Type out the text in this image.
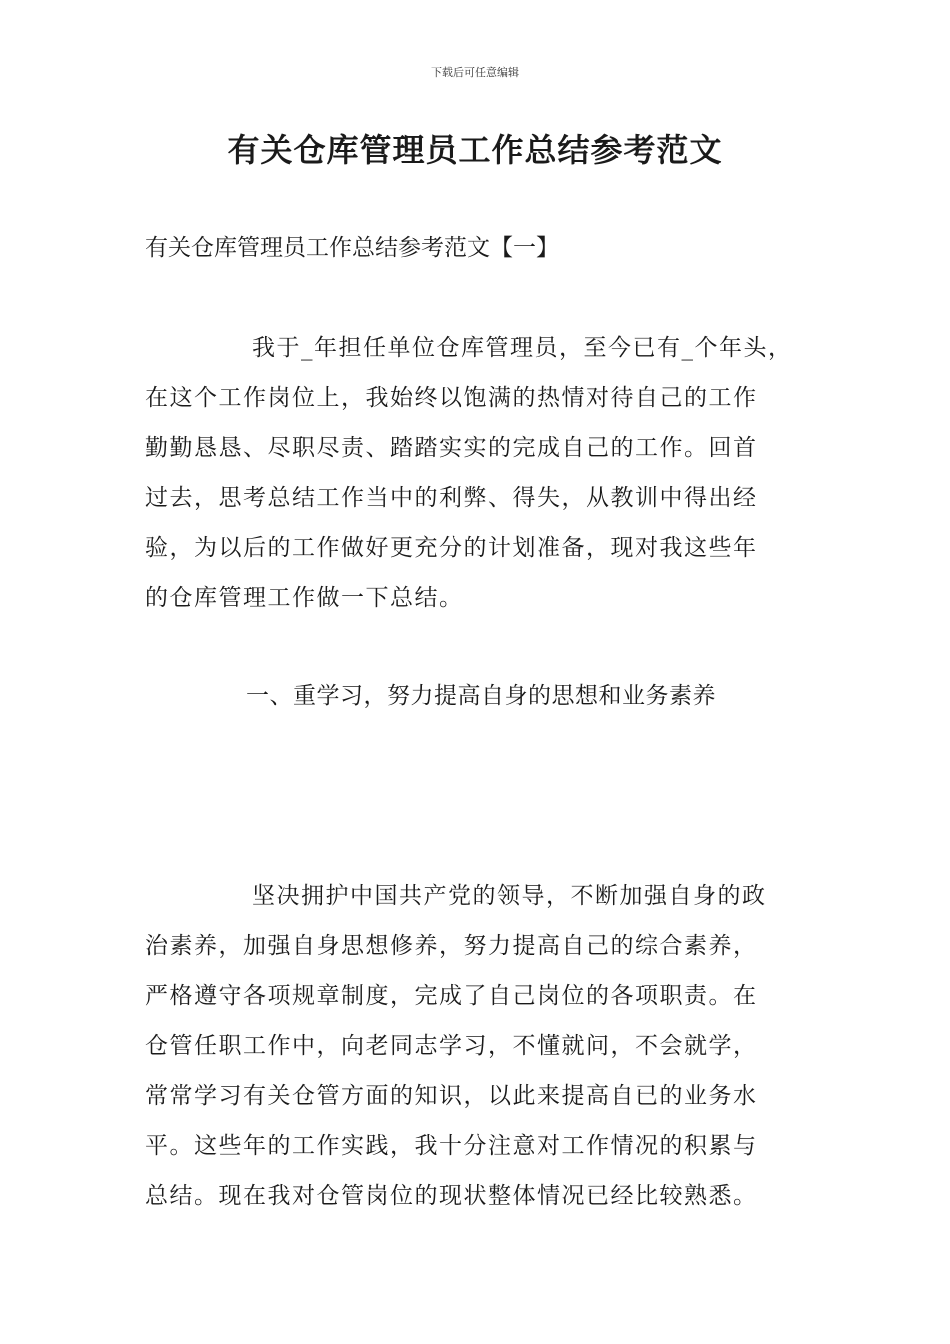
下载后可任意编辑
有关仓库管理员工作总结参考范文
有关仓库管理员工作总结参考范文【一】
我于_年担任单位仓库管理员，至今已有_个年头，
在这个工作岗位上，我始终以饱满的热情对待自己的工作
勤勤恳恳、尽职尽责、踏踏实实的完成自己的工作。回首
过去，思考总结工作当中的利弊、得失，从教训中得出经
验，为以后的工作做好更充分的计划准备，现对我这些年
的仓库管理工作做一下总结。
一、重学习，努力提高自身的思想和业务素养
坚决拥护中国共产党的领导，不断加强自身的政
治素养，加强自身思想修养，努力提高自己的综合素养，
严格遵守各项规章制度，完成了自己岗位的各项职责。在
仓管任职工作中，向老同志学习，不懂就问，不会就学，
常常学习有关仓管方面的知识，以此来提高自已的业务水
平。这些年的工作实践，我十分注意对工作情况的积累与
总结。现在我对仓管岗位的现状整体情况已经比较熟悉。
